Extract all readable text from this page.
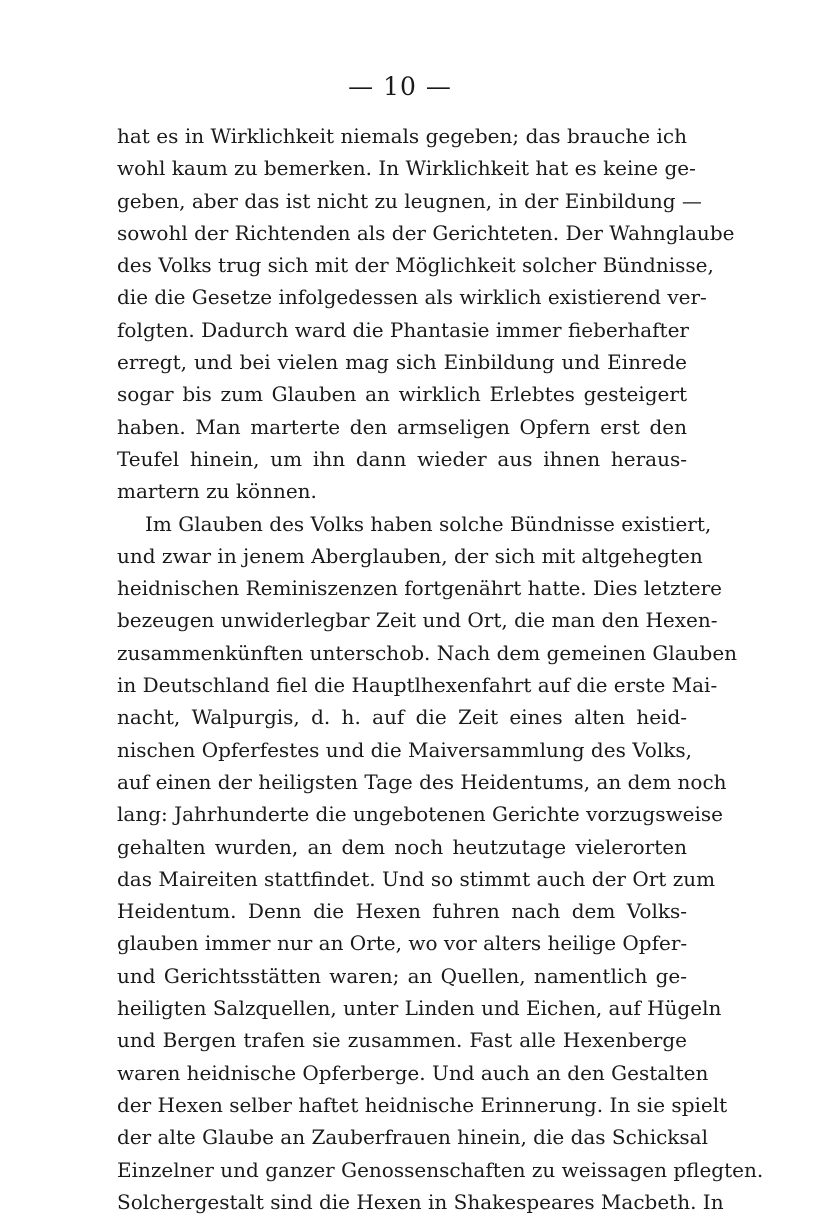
— 10 —
hat es in Wirklichkeit niemals gegeben; das brauche ich
wohl kaum zu bemerken. In Wirklichkeit hat es keine ge-
geben, aber das ist nicht zu leugnen, in der Einbildung —
sowohl der Richtenden als der Gerichteten. Der Wahnglaube
des Volks trug sich mit der Möglichkeit solcher Bündnisse,
die die Gesetze infolgedessen als wirklich existierend ver-
folgten. Dadurch ward die Phantasie immer fieberhafter
erregt, und bei vielen mag sich Einbildung und Einrede
sogar bis zum Glauben an wirklich Erlebtes gesteigert
haben. Man marterte den armseligen Opfern erst den
Teufel hinein, um ihn dann wieder aus ihnen heraus-
martern zu können.
Im Glauben des Volks haben solche Bündnisse existiert,
und zwar in jenem Aberglauben, der sich mit altgehegten
heidnischen Reminiszenzen fortgenährt hatte. Dies letztere
bezeugen unwiderlegbar Zeit und Ort, die man den Hexen-
zusammenkünften unterschob. Nach dem gemeinen Glauben
in Deutschland fiel die Hauptlhexenfahrt auf die erste Mai-
nacht, Walpurgis, d. h. auf die Zeit eines alten heid-
nischen Opferfestes und die Maiversammlung des Volks,
auf einen der heiligsten Tage des Heidentums, an dem noch
lang: Jahrhunderte die ungebotenen Gerichte vorzugsweise
gehalten wurden, an dem noch heutzutage vielerorten
das Maireiten stattfindet. Und so stimmt auch der Ort zum
Heidentum. Denn die Hexen fuhren nach dem Volks-
glauben immer nur an Orte, wo vor alters heilige Opfer-
und Gerichtsstätten waren; an Quellen, namentlich ge-
heiligten Salzquellen, unter Linden und Eichen, auf Hügeln
und Bergen trafen sie zusammen. Fast alle Hexenberge
waren heidnische Opferberge. Und auch an den Gestalten
der Hexen selber haftet heidnische Erinnerung. In sie spielt
der alte Glaube an Zauberfrauen hinein, die das Schicksal
Einzelner und ganzer Genossenschaften zu weissagen pflegten.
Solchergestalt sind die Hexen in Shakespeares Macbeth. In
